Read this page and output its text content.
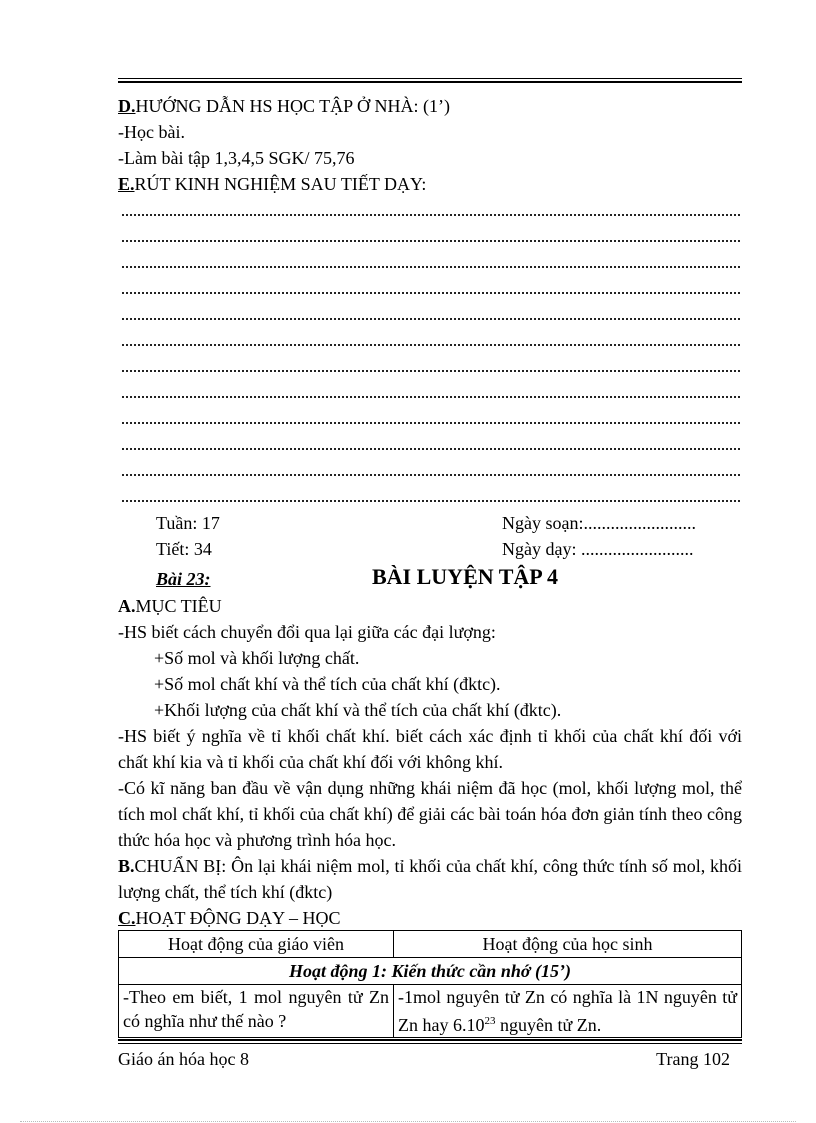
D.HƯỚNG DẪN HS HỌC TẬP Ở NHÀ: (1’)
-Học bài.
-Làm bài tập 1,3,4,5 SGK/ 75,76
E.RÚT KINH NGHIỆM SAU TIẾT DẠY:
Tuần: 17	Ngày soạn:.........................
Tiết: 34	Ngày dạy: .........................
Bài 23:	BÀI LUYỆN TẬP 4
A.MỤC TIÊU
-HS biết cách chuyển đổi qua lại giữa các đại lượng:
+Số mol và khối lượng chất.
+Số mol chất khí và thể tích của chất khí (đktc).
+Khối lượng của chất khí và thể tích của chất khí (đktc).
-HS biết ý nghĩa về tỉ khối chất khí. biết cách xác định tỉ khối của chất khí đối với chất khí kia và tỉ khối của chất khí đối với không khí.
-Có kĩ năng ban đầu về vận dụng những khái niệm đã học (mol, khối lượng mol, thể tích mol chất khí, tỉ khối của chất khí) để giải các bài toán hóa đơn giản tính theo công thức hóa học và phương trình hóa học.
B.CHUẨN BỊ: Ôn lại khái niệm mol, tỉ khối của chất khí, công thức tính số mol, khối lượng chất, thể tích khí (đktc)
C.HOẠT ĐỘNG DẠY – HỌC
Hoạt động của giáo viên	Hoạt động của học sinh
Hoạt động 1: Kiến thức cần nhớ (15’)	
-Theo em biết, 1 mol nguyên tử Zn có nghĩa như thế nào ?	-1mol nguyên tử Zn có nghĩa là 1N nguyên tử Zn hay 6.10$^{23}$ nguyên tử Zn.
Giáo án hóa học 8	Trang 102
